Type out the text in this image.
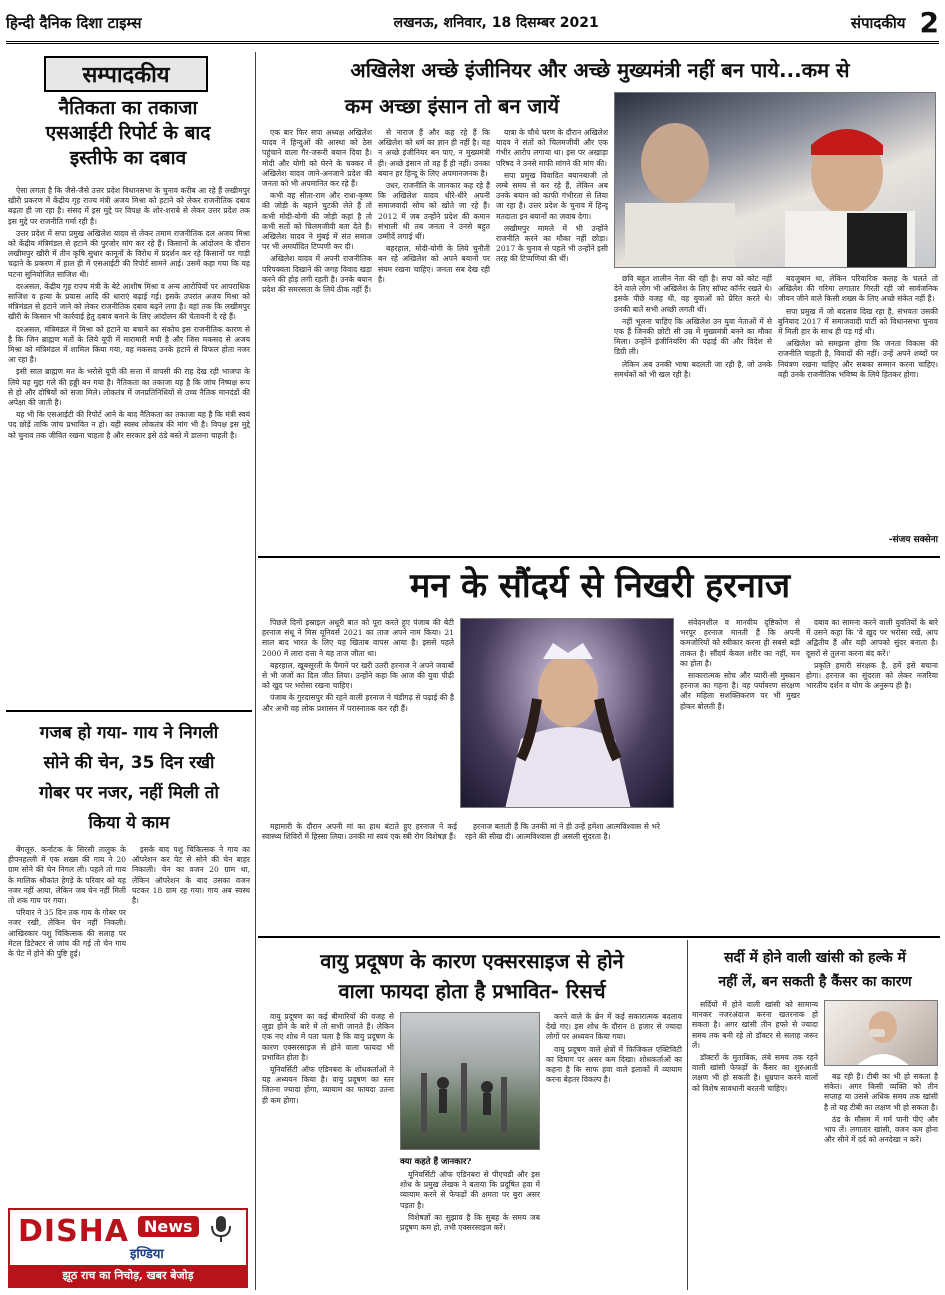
हिन्दी दैनिक दिशा टाइम्स	लखनऊ, शनिवार, 18 दिसम्बर 2021	संपादकीय 2
सम्पादकीय
नैतिकता का तकाजा
एसआईटी रिपोर्ट के बाद
इस्तीफे का दबाव

ऐसा लगता है कि जैसे-जैसे उत्तर प्रदेश विधानसभा के चुनाव करीब आ रहे हैं लखीमपुर खीरी प्रकरण में केंद्रीय गृह राज्य मंत्री अजय मिश्रा को हटाने को लेकर राजनीतिक दबाव बढ़ता ही जा रहा है। संसद में इस मुद्दे पर विपक्ष के शोर-शराबे से लेकर उत्तर प्रदेश तक इस मुद्दे पर राजनीति गर्मा रही है।

उत्तर प्रदेश में सपा प्रमुख अखिलेश यादव से लेकर तमाम राजनीतिक दल अजय मिश्रा को केंद्रीय मंत्रिमंडल से हटाने की पुरजोर मांग कर रहे हैं। किसानों के आंदोलन के दौरान लखीमपुर खीरी में तीन कृषि सुधार कानूनों के विरोध में प्रदर्शन कर रहे किसानों पर गाड़ी चढ़ाने के प्रकरण में हाल ही में एसआईटी की रिपोर्ट सामने आई। उसमें कहा गया कि यह घटना सुनियोजित साजिश थी।

दरअसल, केंद्रीय गृह राज्य मंत्री के बेटे आशीष मिश्रा व अन्य आरोपियों पर आपराधिक साजिश व हत्या के प्रयास आदि की धाराएं बढ़ाई गई। इसके उपरांत अजय मिश्रा को मंत्रिमंडल से हटाने जाने को लेकर राजनीतिक दबाव बढ़ने लगा है। वहां तक कि लखीमपुर खीरी के किसान भी कार्रवाई हेतु दबाव बनाने के लिए आंदोलन की चेतावनी दे रहे हैं।

दरअसल, मंत्रिमंडल में मिश्रा को हटाने या बचाने का संकोच इस राजनीतिक कारण से है कि जिन ब्राह्मण मतों के लिये यूपी में मारामारी मची है और जिस मकसद से अजय मिश्रा को मंत्रिमंडल में शामिल किया गया, वह मकसद उनके हटाने से विफल होता नजर आ रहा है।

इसी साल ब्राह्मण मत के भरोसे यूपी की सत्ता में वापसी की राह देख रही भाजपा के लिये यह मुद्दा गले की हड्डी बन गया है। नैतिकता का तकाजा यह है कि जांच निष्पक्ष रूप से हो और दोषियों को सजा मिले। लोकतंत्र में जनप्रतिनिधियों से उच्च नैतिक मानदंडों की अपेक्षा की जाती है।

यह भी कि एसआईटी की रिपोर्ट आने के बाद नैतिकता का तकाजा यह है कि मंत्री स्वयं पद छोड़ें ताकि जांच प्रभावित न हो। यही स्वस्थ लोकतंत्र की मांग भी है। विपक्ष इस मुद्दे को चुनाव तक जीवित रखना चाहता है और सरकार इसे ठंडे बस्ते में डालना चाहती है।

गजब हो गया- गाय ने निगली
सोने की चेन, 35 दिन रखी
गोबर पर नजर, नहीं मिली तो
किया ये काम

बेंगलूरु. कर्नाटक के सिरसी तालुक के हीपनहल्ली में एक शख्स की गाय ने 20 ग्राम सोने की चेन निगल ली। पहले तो गाय के मालिक श्रीकांत हेगड़े के परिवार को यह नजर नहीं आया, लेकिन जब चेन नहीं मिली तो शक गाय पर गया।

परिवार ने 35 दिन तक गाय के गोबर पर नजर रखी, लेकिन चेन नहीं निकली। आखिरकार पशु चिकित्सक की सलाह पर मेटल डिटेक्टर से जांच की गई तो चेन गाय के पेट में होने की पुष्टि हुई।

इसके बाद पशु चिकित्सक ने गाय का ऑपरेशन कर पेट से सोने की चेन बाहर निकाली। चेन का वजन 20 ग्राम था, लेकिन ऑपरेशन के बाद उसका वजन घटकर 18 ग्राम रह गया। गाय अब स्वस्थ है।

DISHA News
इण्डिया
झूठ राच का निचोड़, खबर बेजोड़
अखिलेश अच्छे इंजीनियर और अच्छे मुख्यमंत्री नहीं बन पाये...कम से
कम अच्छा इंसान तो बन जायें

एक बार फिर सपा अध्यक्ष अखिलेश यादव ने हिन्दुओं की आस्था को ठेस पहुंचाने वाला गैर-जरूरी बयान दिया है। मोदी और योगी को घेरने के चक्कर में अखिलेश यादव जाने-अनजाने प्रदेश की जनता को भी अपमानित कर रहे हैं।

कभी वह सीता-राम और राधा-कृष्ण की जोड़ी के बहाने चुटकी लेते हैं तो कभी मोदी-योगी की जोड़ी कहां है तो कभी सतों को चिलमजीवी बता देते हैं। अखिलेश यादव ने मुंबई में संत समाज पर भी अमर्यादित टिप्पणी कर दी।

अखिलेश यादव में अपनी राजनीतिक परिपक्वता दिखाने की जगह विवाद खड़ा करने की होड़ लगी रहती है। उनके बयान प्रदेश की समरसता के लिये ठीक नहीं हैं।

से नाराज हैं और कह रहे हैं कि अखिलेश को धर्म का ज्ञान ही नहीं है। वह न अच्छे इंजीनियर बन पाए, न मुख्यमंत्री ही। अच्छे इंसान तो वह हैं ही नहीं। उनका बयान हर हिन्दू के लिए अपमानजनक है।

उधर, राजनीति के जानकार कह रहे हैं कि अखिलेश यादव धीरे-धीरे अपनी समाजवादी सोच को खोते जा रहे हैं। 2012 में जब उन्होंने प्रदेश की कमान संभाली थी तब जनता ने उनसे बहुत उम्मीदें लगाई थीं।

बहरहाल, मोदी-योगी के लिये चुनौती बन रहे अखिलेश को अपने बयानों पर संयम रखना चाहिए। जनता सब देख रही है।

यात्रा के चौथे चरण के दौरान अखिलेश यादव ने संतों को चिलमजीवी और एक गंभीर आरोप लगाया था। इस पर अखाड़ा परिषद ने उनसे माफी मांगने की मांग की।

सपा प्रमुख विवादित बयानबाजी तो लम्बे समय से कर रहे हैं, लेकिन अब उनके बयान को काफी गंभीरता से लिया जा रहा है। उत्तर प्रदेश के चुनाव में हिन्दू मतदाता इन बयानों का जवाब देगा।

लखीमपुर मामले में भी उन्होंने राजनीति करने का मौका नहीं छोड़ा। 2017 के चुनाव से पहले भी उन्होंने इसी तरह की टिप्पणियां की थीं।

छवि बहुत शालीन नेता की रही है। सपा को कोट नहीं देने वाले लोग भी अखिलेश के लिए सॉफ्ट कॉर्नर रखते थे। इसके पीछे वजह थी, वह युवाओं को प्रेरित करते थे। उनकी बातें सभी अच्छी लगती थीं।

नहीं भूलना चाहिए कि अखिलेश उन युवा नेताओं में से एक हैं जिनकी छोटी सी उम्र में मुख्यमंत्री बनने का मौका मिला। उन्होंने इंजीनियरिंग की पढ़ाई की और विदेश से डिग्री ली।

लेकिन अब उनकी भाषा बदलती जा रही है, जो उनके समर्थकों को भी खल रही है।

बदजुबान था, लेकिन परिवारिक कलह के चलते तो अखिलेश की गरिमा लगातार गिरती रही जो सार्वजनिक जीवन जीने वाले किसी शख्स के लिए अच्छे संकेत नहीं हैं।

सपा प्रमुख में जो बदलाव दिख रहा है, संभवतः उसकी बुनियाद 2017 में समाजवादी पार्टी को विधानसभा चुनाव में मिली हार के साथ ही पड़ गई थी।

अखिलेश को समझना होगा कि जनता विकास की राजनीति चाहती है, विवादों की नहीं। उन्हें अपने शब्दों पर नियंत्रण रखना चाहिए और सबका सम्मान करना चाहिए। वही उनके राजनीतिक भविष्य के लिये हितकर होगा।

-संजय सक्सेना
मन के सौंदर्य से निखरी हरनाज

पिछले दिनों इस्राइल अधूरी बात को पूरा करते हुए पंजाब की बेटी हरनाज संधू ने मिस यूनिवर्स 2021 का ताज अपने नाम किया। 21 साल बाद भारत के लिए यह खिताब वापस आया है। इससे पहले 2000 में लारा दत्ता ने यह ताज जीता था।

बहरहाल, खूबसूरती के पैमाने पर खरी उतरी हरनाज ने अपने जवाबों से भी जजों का दिल जीत लिया। उन्होंने कहा कि आज की युवा पीढ़ी को खुद पर भरोसा रखना चाहिए।

पंजाब के गुरदासपुर की रहने वाली हरनाज ने चंडीगढ़ से पढ़ाई की है और अभी वह लोक प्रशासन में परास्नातक कर रही हैं।

महामारी के दौरान अपनी मां का हाथ बंटाते हुए हरनाज ने कई स्वास्थ्य शिविरों में हिस्सा लिया। उनकी मां स्वयं एक स्त्री रोग विशेषज्ञ हैं।

हरनाज बताती हैं कि उनकी मां ने ही उन्हें हमेशा आत्मविश्वास से भरे रहने की सीख दी। आत्मविश्वास ही असली सुंदरता है।

संवेदनशील व मानवीय दृष्टिकोण से भरपूर हरनाज मानती हैं कि अपनी कमजोरियों को स्वीकार करना ही सबसे बड़ी ताकत है। सौंदर्य केवल शरीर का नहीं, मन का होता है।

साकारात्मक सोच और प्यारी-सी मुस्कान हरनाज का गहना है। वह पर्यावरण संरक्षण और महिला सशक्तिकरण पर भी मुखर होकर बोलती हैं।

दबाव का सामना करने वाली युवतियों के बारे में उसने कहा कि 'वे खुद पर भरोसा रखें, आप अद्वितीय हैं और यही आपको सुंदर बनाता है। दूसरों से तुलना करना बंद करें।'

प्रकृति हमारी संरक्षक है, हमें इसे बचाना होगा। हरनाज का सुंदरता को लेकर नजरिया भारतीय दर्शन व योग के अनुरूप ही है।

वायु प्रदूषण के कारण एक्सरसाइज से होने
वाला फायदा होता है प्रभावित- रिसर्च

वायु प्रदूषण का कई बीमारियों की वजह से जुड़ा होने के बारे में तो सभी जानते हैं। लेकिन एक नए शोध में पता चला है कि वायु प्रदूषण के कारण एक्सरसाइज से होने वाला फायदा भी प्रभावित होता है।

यूनिवर्सिटी ऑफ एडिनबरा के शोधकर्ताओं ने यह अध्ययन किया है। वायु प्रदूषण का स्तर जितना ज्यादा होगा, व्यायाम का फायदा उतना ही कम होगा।

क्या कहते हैं जानकार?

यूनिवर्सिटी ऑफ एडिनबरा से पीएचडी और इस शोध के प्रमुख लेखक ने बताया कि प्रदूषित हवा में व्यायाम करने से फेफड़ों की क्षमता पर बुरा असर पड़ता है।

विशेषज्ञों का सुझाव है कि सुबह के समय जब प्रदूषण कम हो, तभी एक्सरसाइज करें।

करने वाले के ब्रेन में कई सकारात्मक बदलाव देखे गए। इस शोध के दौरान 8 हजार से ज्यादा लोगों पर अध्ययन किया गया।

वायु प्रदूषण वाले क्षेत्रों में फिजिकल एक्टिविटी का दिमाग पर असर कम दिखा। शोधकर्ताओं का कहना है कि साफ हवा वाले इलाकों में व्यायाम करना बेहतर विकल्प है।

सर्दी में होने वाली खांसी को हल्के में
नहीं लें, बन सकती है कैंसर का कारण

सर्दियों में होने वाली खांसी को सामान्य मानकर नजरअंदाज करना खतरनाक हो सकता है। अगर खांसी तीन हफ्ते से ज्यादा समय तक बनी रहे तो डॉक्टर से सलाह जरूर लें।

डॉक्टरों के मुताबिक, लंबे समय तक रहने वाली खांसी फेफड़ों के कैंसर का शुरुआती लक्षण भी हो सकती है। धूम्रपान करने वालों को विशेष सावधानी बरतनी चाहिए।

बढ़ रही है। टीबी का भी हो सकता है संकेत। अगर किसी व्यक्ति को तीन सप्ताह या उससे अधिक समय तक खांसी है तो यह टीबी का लक्षण भी हो सकता है।

ठंड के मौसम में गर्म पानी पीएं और भाप लें। लगातार खांसी, वजन कम होना और सीने में दर्द को अनदेखा न करें।
